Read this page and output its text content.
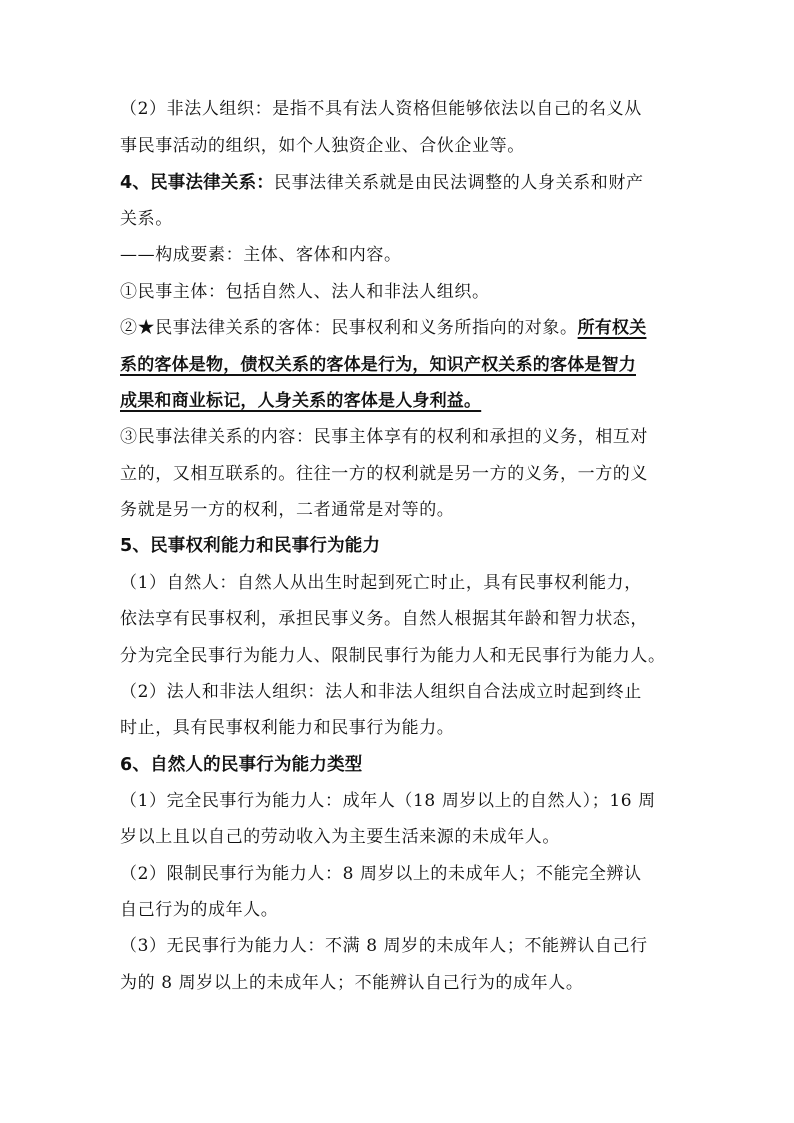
（2）非法人组织：是指不具有法人资格但能够依法以自己的名义从
事民事活动的组织，如个人独资企业、合伙企业等。
4、民事法律关系：民事法律关系就是由民法调整的人身关系和财产
关系。
——构成要素：主体、客体和内容。
①民事主体：包括自然人、法人和非法人组织。
②★民事法律关系的客体：民事权利和义务所指向的对象。所有权关
系的客体是物，债权关系的客体是行为，知识产权关系的客体是智力
成果和商业标记，人身关系的客体是人身利益。
③民事法律关系的内容：民事主体享有的权利和承担的义务，相互对
立的，又相互联系的。往往一方的权利就是另一方的义务，一方的义
务就是另一方的权利，二者通常是对等的。
5、民事权利能力和民事行为能力
（1）自然人：自然人从出生时起到死亡时止，具有民事权利能力，
依法享有民事权利，承担民事义务。自然人根据其年龄和智力状态，
分为完全民事行为能力人、限制民事行为能力人和无民事行为能力人。
（2）法人和非法人组织：法人和非法人组织自合法成立时起到终止
时止，具有民事权利能力和民事行为能力。
6、自然人的民事行为能力类型
（1）完全民事行为能力人：成年人（18 周岁以上的自然人）；16 周
岁以上且以自己的劳动收入为主要生活来源的未成年人。
（2）限制民事行为能力人：8 周岁以上的未成年人；不能完全辨认
自己行为的成年人。
（3）无民事行为能力人：不满 8 周岁的未成年人；不能辨认自己行
为的 8 周岁以上的未成年人；不能辨认自己行为的成年人。
